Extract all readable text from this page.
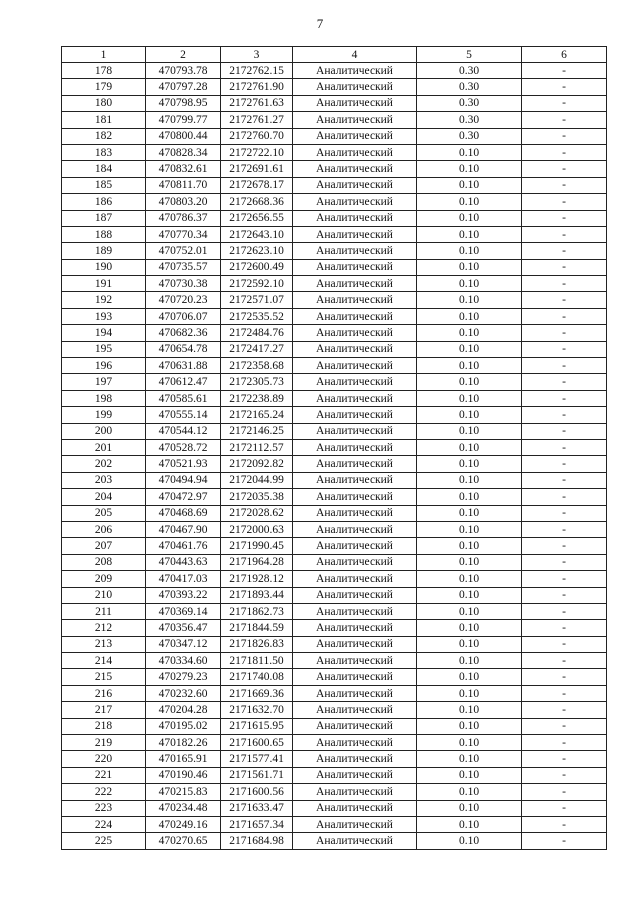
7
1	2	3	4	5	6
178	470793.78	2172762.15	Аналитический	0.30	-
179	470797.28	2172761.90	Аналитический	0.30	-
180	470798.95	2172761.63	Аналитический	0.30	-
181	470799.77	2172761.27	Аналитический	0.30	-
182	470800.44	2172760.70	Аналитический	0.30	-
183	470828.34	2172722.10	Аналитический	0.10	-
184	470832.61	2172691.61	Аналитический	0.10	-
185	470811.70	2172678.17	Аналитический	0.10	-
186	470803.20	2172668.36	Аналитический	0.10	-
187	470786.37	2172656.55	Аналитический	0.10	-
188	470770.34	2172643.10	Аналитический	0.10	-
189	470752.01	2172623.10	Аналитический	0.10	-
190	470735.57	2172600.49	Аналитический	0.10	-
191	470730.38	2172592.10	Аналитический	0.10	-
192	470720.23	2172571.07	Аналитический	0.10	-
193	470706.07	2172535.52	Аналитический	0.10	-
194	470682.36	2172484.76	Аналитический	0.10	-
195	470654.78	2172417.27	Аналитический	0.10	-
196	470631.88	2172358.68	Аналитический	0.10	-
197	470612.47	2172305.73	Аналитический	0.10	-
198	470585.61	2172238.89	Аналитический	0.10	-
199	470555.14	2172165.24	Аналитический	0.10	-
200	470544.12	2172146.25	Аналитический	0.10	-
201	470528.72	2172112.57	Аналитический	0.10	-
202	470521.93	2172092.82	Аналитический	0.10	-
203	470494.94	2172044.99	Аналитический	0.10	-
204	470472.97	2172035.38	Аналитический	0.10	-
205	470468.69	2172028.62	Аналитический	0.10	-
206	470467.90	2172000.63	Аналитический	0.10	-
207	470461.76	2171990.45	Аналитический	0.10	-
208	470443.63	2171964.28	Аналитический	0.10	-
209	470417.03	2171928.12	Аналитический	0.10	-
210	470393.22	2171893.44	Аналитический	0.10	-
211	470369.14	2171862.73	Аналитический	0.10	-
212	470356.47	2171844.59	Аналитический	0.10	-
213	470347.12	2171826.83	Аналитический	0.10	-
214	470334.60	2171811.50	Аналитический	0.10	-
215	470279.23	2171740.08	Аналитический	0.10	-
216	470232.60	2171669.36	Аналитический	0.10	-
217	470204.28	2171632.70	Аналитический	0.10	-
218	470195.02	2171615.95	Аналитический	0.10	-
219	470182.26	2171600.65	Аналитический	0.10	-
220	470165.91	2171577.41	Аналитический	0.10	-
221	470190.46	2171561.71	Аналитический	0.10	-
222	470215.83	2171600.56	Аналитический	0.10	-
223	470234.48	2171633.47	Аналитический	0.10	-
224	470249.16	2171657.34	Аналитический	0.10	-
225	470270.65	2171684.98	Аналитический	0.10	-
